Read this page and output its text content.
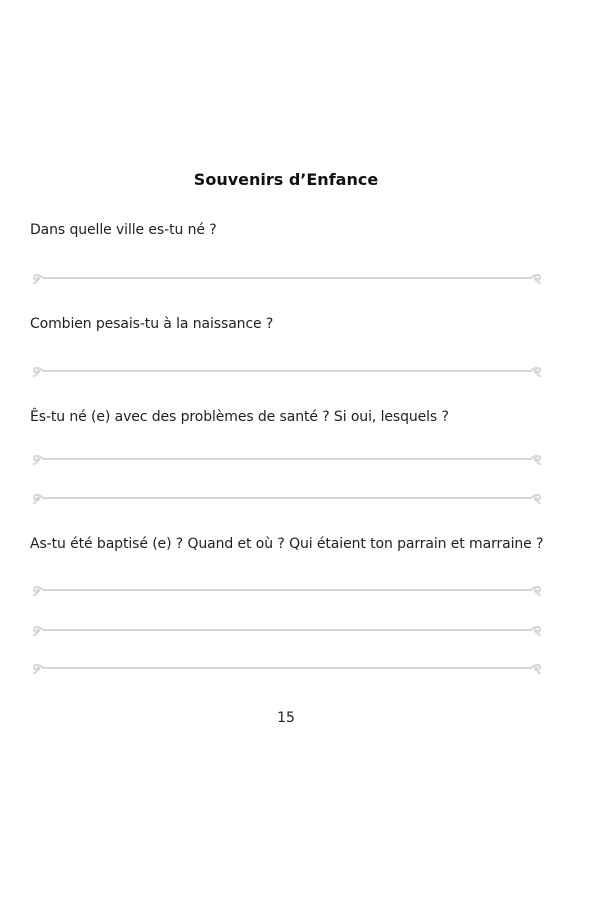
Souvenirs d’Enfance
Dans quelle ville es-tu né ?
Combien pesais-tu à la naissance ?
Ês-tu né (e) avec des problèmes de santé ? Si oui, lesquels ?
As-tu été baptisé (e) ? Quand et où ? Qui étaient ton parrain et marraine ?
15
